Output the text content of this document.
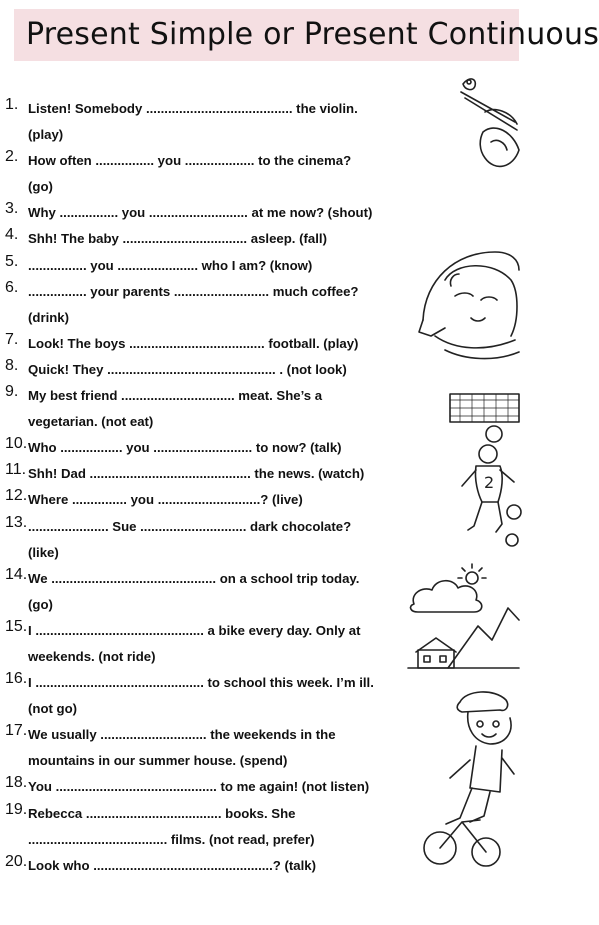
Present Simple or Present Continuous
1. Listen! Somebody ........................................ the violin.
(play)
2. How often ................ you ................... to the cinema?
(go)
3. Why ................ you ........................... at me now? (shout)
4. Shh! The baby .................................. asleep. (fall)
5. ................ you ...................... who I am? (know)
6. ................ your parents .......................... much coffee?
(drink)
7. Look! The boys ..................................... football. (play)
8. Quick! They .............................................. . (not look)
9. My best friend ............................... meat. She’s a
vegetarian. (not eat)
10. Who ................. you ........................... to now? (talk)
11. Shh! Dad ............................................ the news. (watch)
12. Where ............... you ............................? (live)
13. ...................... Sue ............................. dark chocolate?
(like)
14. We ............................................. on a school trip today.
(go)
15. I .............................................. a bike every day. Only at
weekends. (not ride)
16. I .............................................. to school this week. I’m ill.
(not go)
17. We usually ............................. the weekends in the
mountains in our summer house. (spend)
18. You ............................................ to me again! (not listen)
19. Rebecca ..................................... books. She
...................................... films. (not read, prefer)
20. Look who .................................................? (talk)
2
